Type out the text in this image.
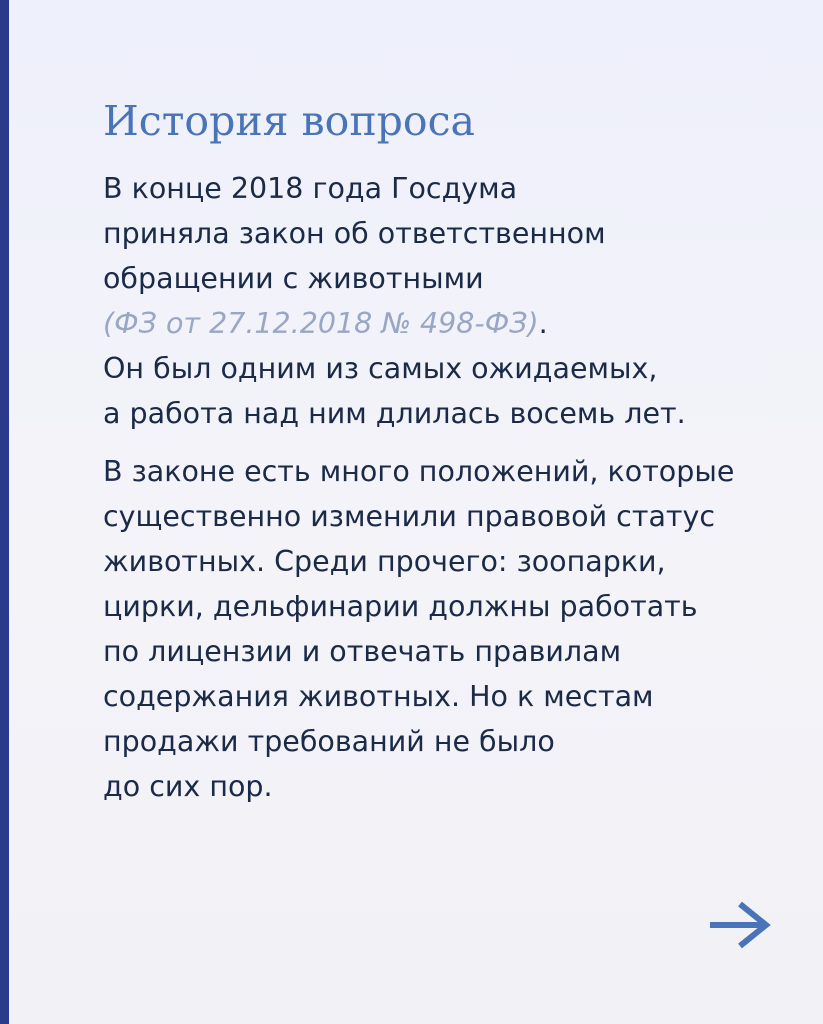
История вопроса
В конце 2018 года Госдума
приняла закон об ответственном
обращении с животными
(ФЗ от 27.12.2018 № 498-ФЗ).
Он был одним из самых ожидаемых,
а работа над ним длилась восемь лет.
В законе есть много положений, которые
существенно изменили правовой статус
животных. Среди прочего: зоопарки,
цирки, дельфинарии должны работать
по лицензии и отвечать правилам
содержания животных. Но к местам
продажи требований не было
до сих пор.
